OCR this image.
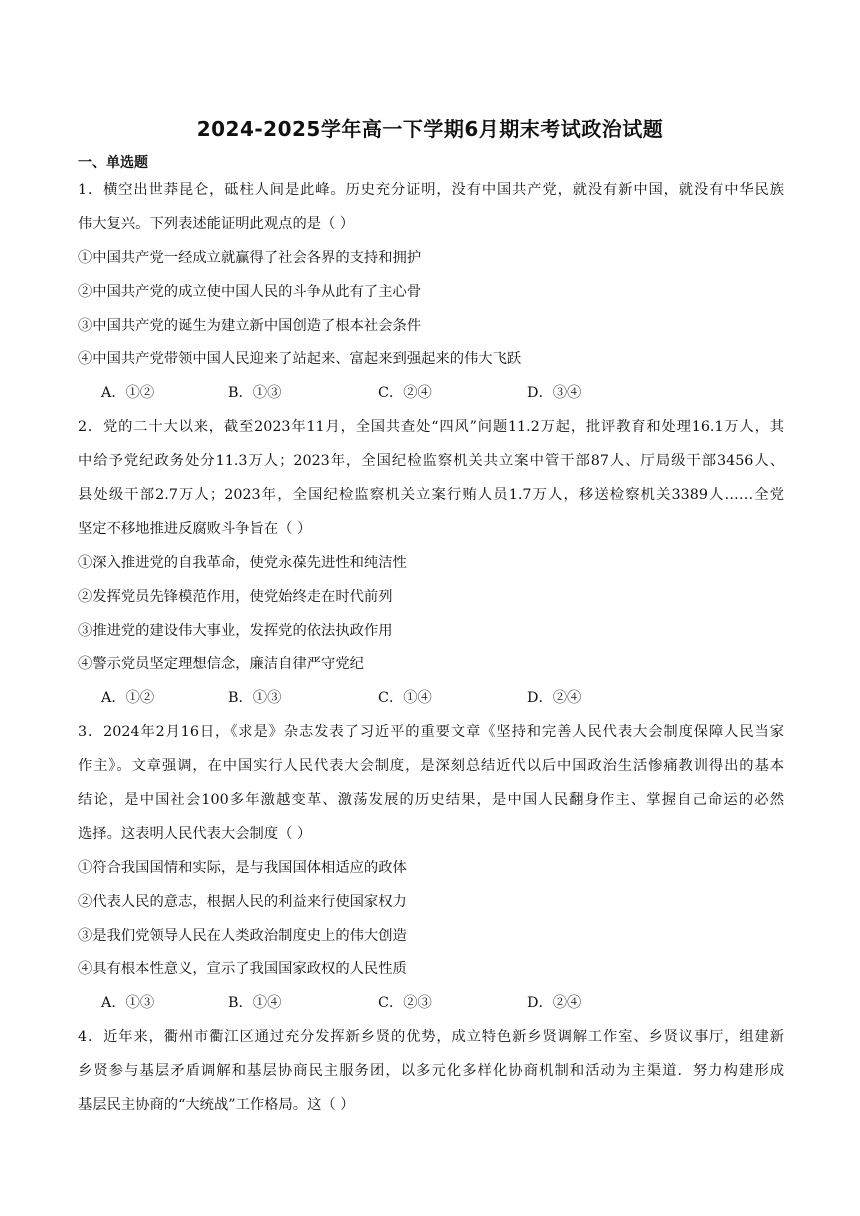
2024-2025学年高一下学期6月期末考试政治试题
一、单选题
1．横空出世莽昆仑，砥柱人间是此峰。历史充分证明，没有中国共产党，就没有新中国，就没有中华民族
伟大复兴。下列表述能证明此观点的是（ ）
①中国共产党一经成立就赢得了社会各界的支持和拥护
②中国共产党的成立使中国人民的斗争从此有了主心骨
③中国共产党的诞生为建立新中国创造了根本社会条件
④中国共产党带领中国人民迎来了站起来、富起来到强起来的伟大飞跃
A．①②	B．①③	C．②④	D．③④
2．党的二十大以来，截至2023年11月，全国共查处“四风”问题11.2万起，批评教育和处理16.1万人，其
中给予党纪政务处分11.3万人；2023年，全国纪检监察机关共立案中管干部87人、厅局级干部3456人、
县处级干部2.7万人；2023年，全国纪检监察机关立案行贿人员1.7万人，移送检察机关3389人……全党
坚定不移地推进反腐败斗争旨在（ ）
①深入推进党的自我革命，使党永葆先进性和纯洁性
②发挥党员先锋模范作用，使党始终走在时代前列
③推进党的建设伟大事业，发挥党的依法执政作用
④警示党员坚定理想信念，廉洁自律严守党纪
A．①②	B．①③	C．①④	D．②④
3．2024年2月16日，《求是》杂志发表了习近平的重要文章《坚持和完善人民代表大会制度保障人民当家
作主》。文章强调，在中国实行人民代表大会制度，是深刻总结近代以后中国政治生活惨痛教训得出的基本
结论，是中国社会100多年激越变革、激荡发展的历史结果，是中国人民翻身作主、掌握自己命运的必然
选择。这表明人民代表大会制度（ ）
①符合我国国情和实际，是与我国国体相适应的政体
②代表人民的意志，根据人民的利益来行使国家权力
③是我们党领导人民在人类政治制度史上的伟大创造
④具有根本性意义，宣示了我国国家政权的人民性质
A．①③	B．①④	C．②③	D．②④
4．近年来，衢州市衢江区通过充分发挥新乡贤的优势，成立特色新乡贤调解工作室、乡贤议事厅，组建新
乡贤参与基层矛盾调解和基层协商民主服务团，以多元化多样化协商机制和活动为主渠道．努力构建形成
基层民主协商的“大统战”工作格局。这（ ）
